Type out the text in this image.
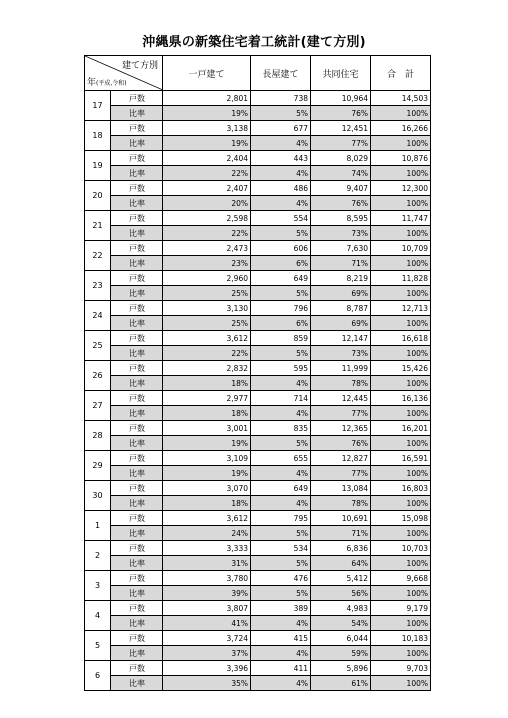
沖縄県の新築住宅着工統計(建て方別)
建て方別
年(平成,令和)		一戸建て	長屋建て	共同住宅	合　計
17	戸数	2,801	738	10,964	14,503
	比率	19%	5%	76%	100%
18	戸数	3,138	677	12,451	16,266
	比率	19%	4%	77%	100%
19	戸数	2,404	443	8,029	10,876
	比率	22%	4%	74%	100%
20	戸数	2,407	486	9,407	12,300
	比率	20%	4%	76%	100%
21	戸数	2,598	554	8,595	11,747
	比率	22%	5%	73%	100%
22	戸数	2,473	606	7,630	10,709
	比率	23%	6%	71%	100%
23	戸数	2,960	649	8,219	11,828
	比率	25%	5%	69%	100%
24	戸数	3,130	796	8,787	12,713
	比率	25%	6%	69%	100%
25	戸数	3,612	859	12,147	16,618
	比率	22%	5%	73%	100%
26	戸数	2,832	595	11,999	15,426
	比率	18%	4%	78%	100%
27	戸数	2,977	714	12,445	16,136
	比率	18%	4%	77%	100%
28	戸数	3,001	835	12,365	16,201
	比率	19%	5%	76%	100%
29	戸数	3,109	655	12,827	16,591
	比率	19%	4%	77%	100%
30	戸数	3,070	649	13,084	16,803
	比率	18%	4%	78%	100%
1	戸数	3,612	795	10,691	15,098
	比率	24%	5%	71%	100%
2	戸数	3,333	534	6,836	10,703
	比率	31%	5%	64%	100%
3	戸数	3,780	476	5,412	9,668
	比率	39%	5%	56%	100%
4	戸数	3,807	389	4,983	9,179
	比率	41%	4%	54%	100%
5	戸数	3,724	415	6,044	10,183
	比率	37%	4%	59%	100%
6	戸数	3,396	411	5,896	9,703
	比率	35%	4%	61%	100%
